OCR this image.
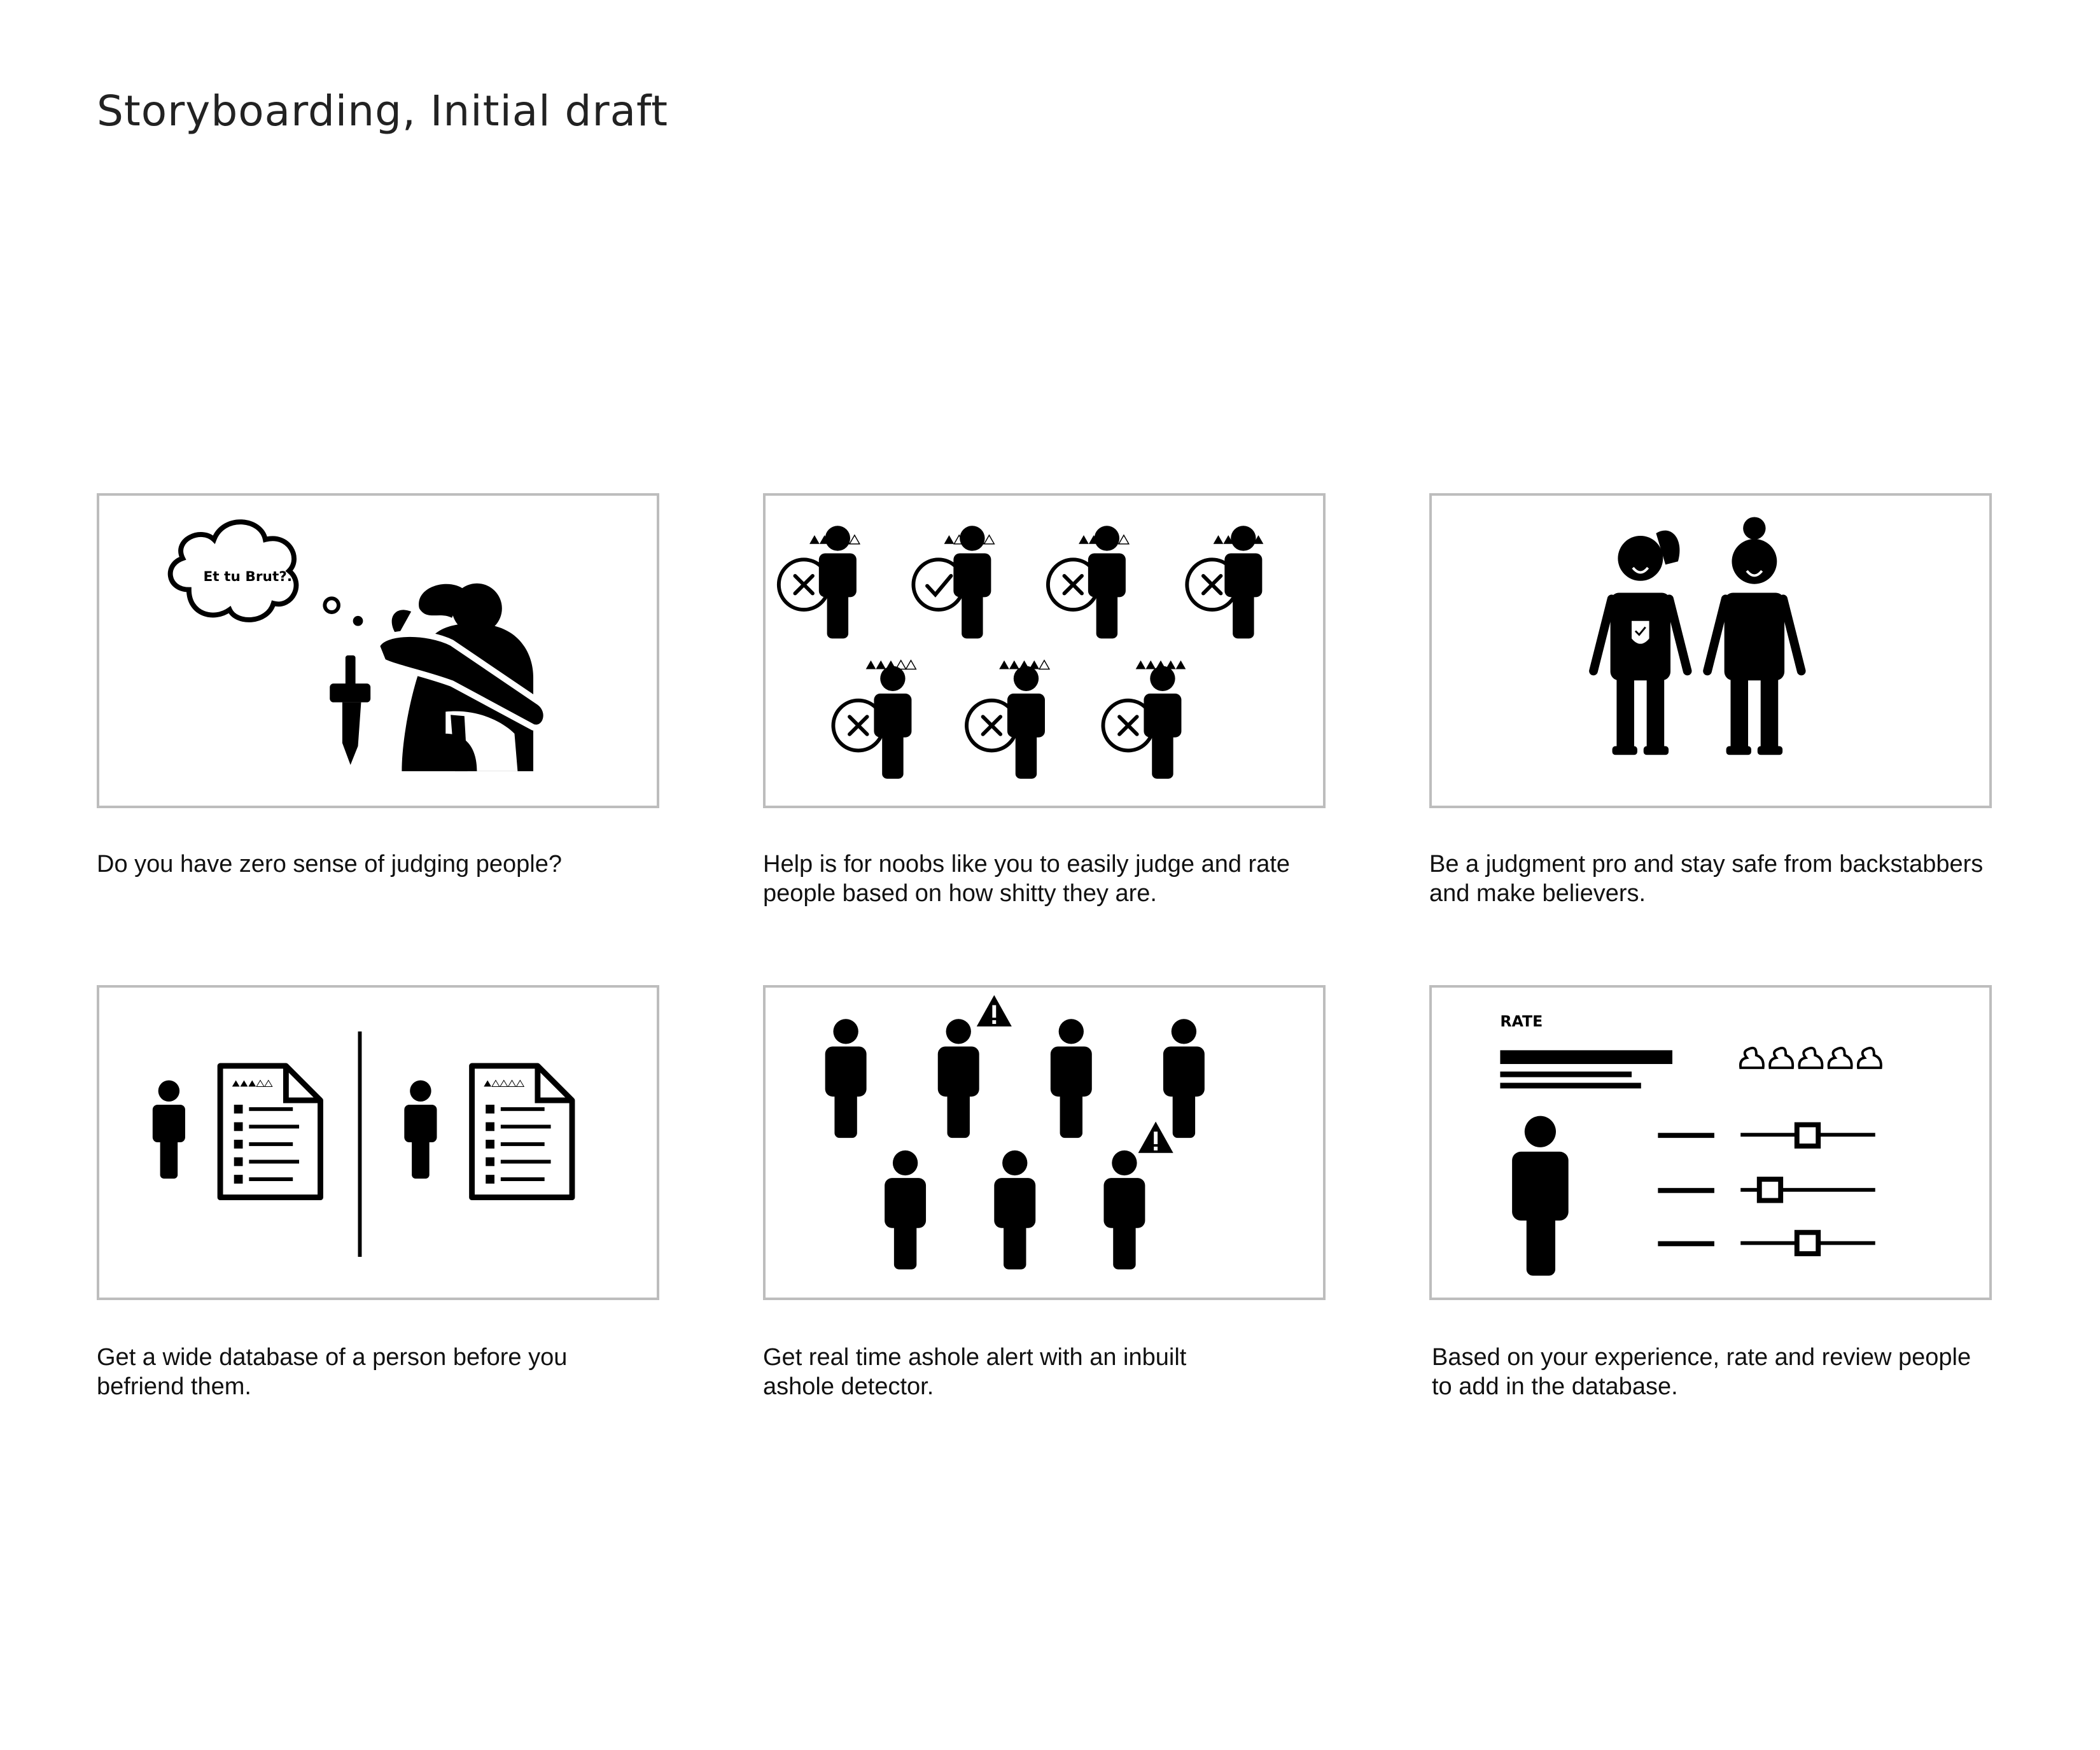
Storyboarding, Initial draft
Et tu Brut?..
Do you have zero sense of judging people?	Help is for noobs like you to easily judge and rate
people based on how shitty they are.
Be a judgment pro and stay safe from backstabbers
and make believers.
Get a wide database of a person before you
befriend them.
Get real time ashole alert with an inbuilt
ashole detector.
RATE
Based on your experience, rate and review people
to add in the database.
